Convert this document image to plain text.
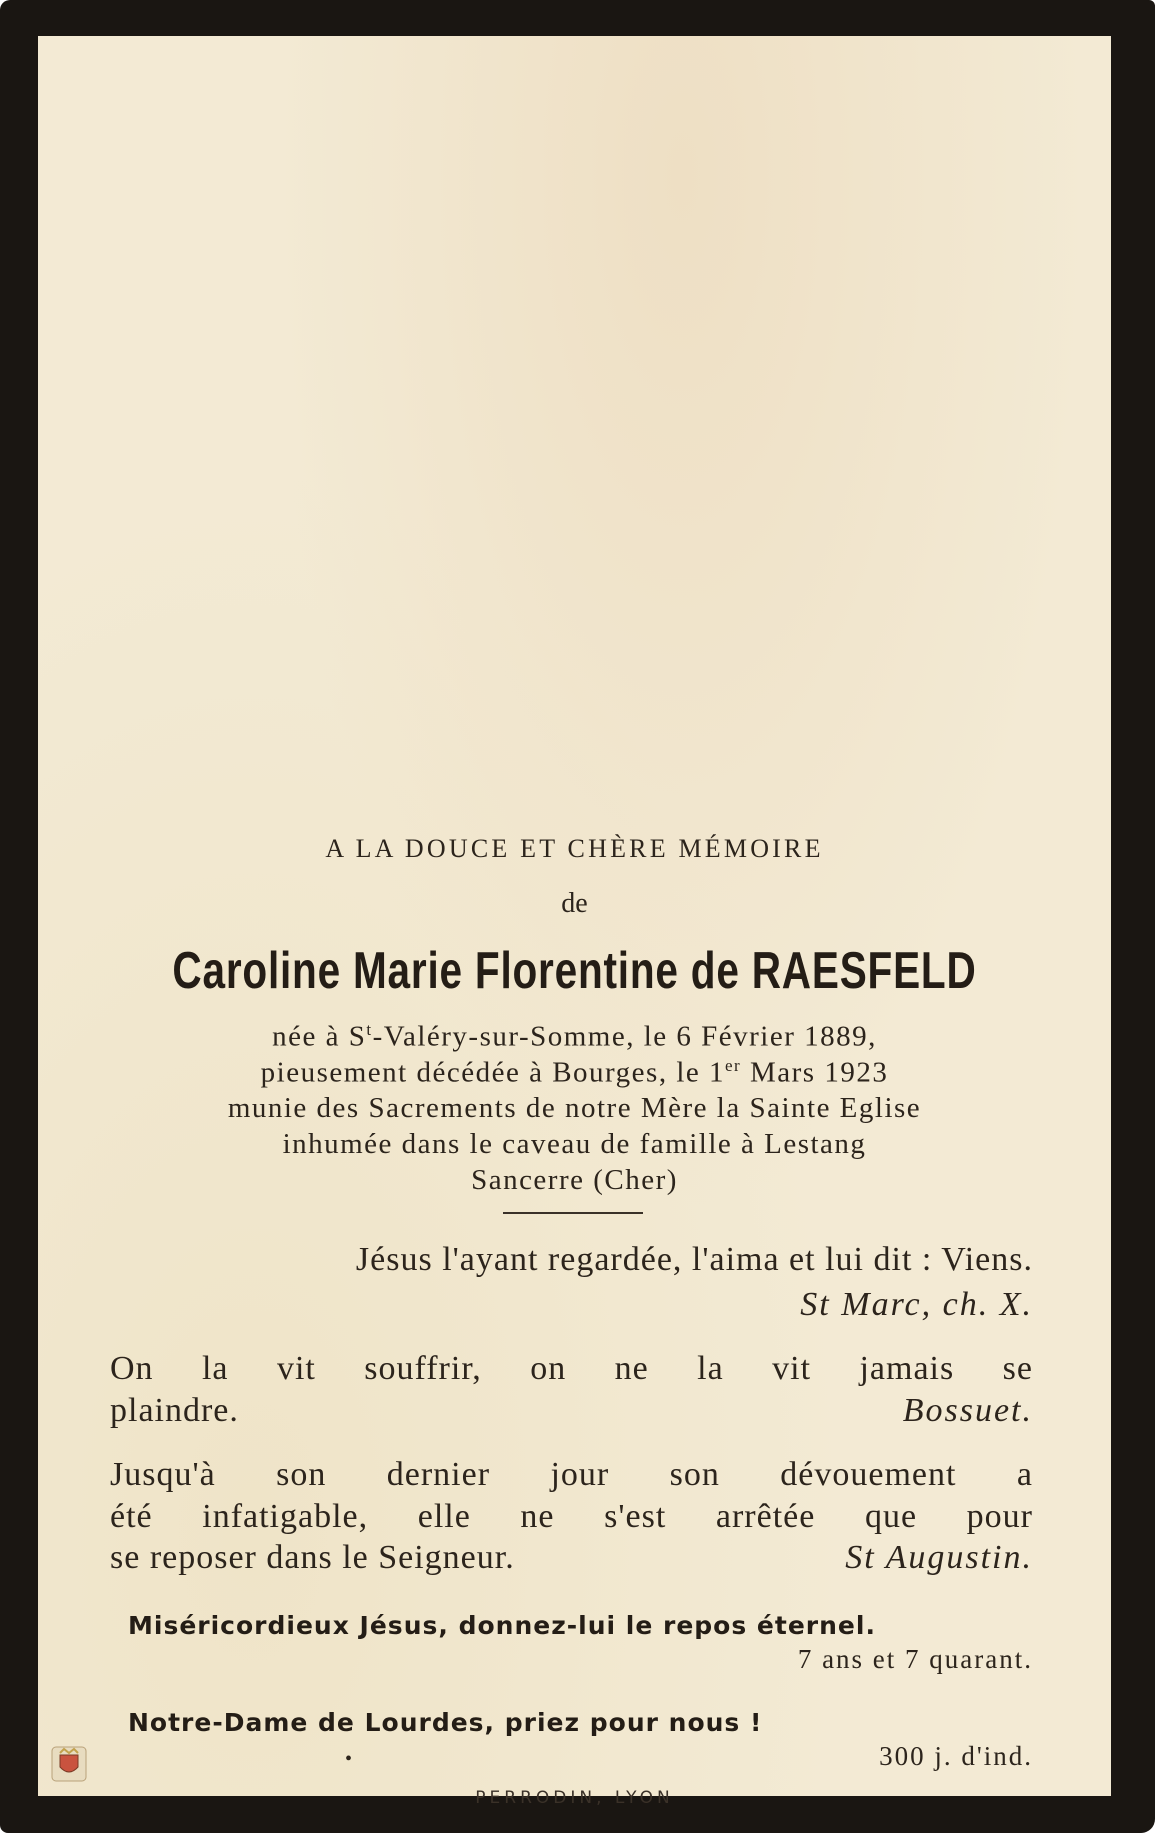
A LA DOUCE ET CHÈRE MÉMOIRE
de
Caroline Marie Florentine de RAESFELD
née à $S^t-Valéry-sur$-Somme, le 6 Février 1889,
pieusement décédée à Bourges, le 1er Mars 1923
munie des Sacrements de notre Mère la Sainte Eglise
inhumée dans le caveau de famille à Lestang
Sancerre (Cher)
Jésus l'ayant regardée, l'aima et lui dit : Viens.
St Marc, ch. X.
On la vit souffrir, on ne la vit jamais se
plaindre.	Bossuet.
Jusqu'à son dernier jour son dévouement a
été infatigable, elle ne s'est arrêtée que pour
se reposer dans le Seigneur.	St Augustin.
Miséricordieux Jésus, donnez-lui le repos éternel.
7 ans et 7 quarant.
Notre-Dame de Lourdes, priez pour nous !
•	300 j. d'ind.
PERRODIN, LYON
